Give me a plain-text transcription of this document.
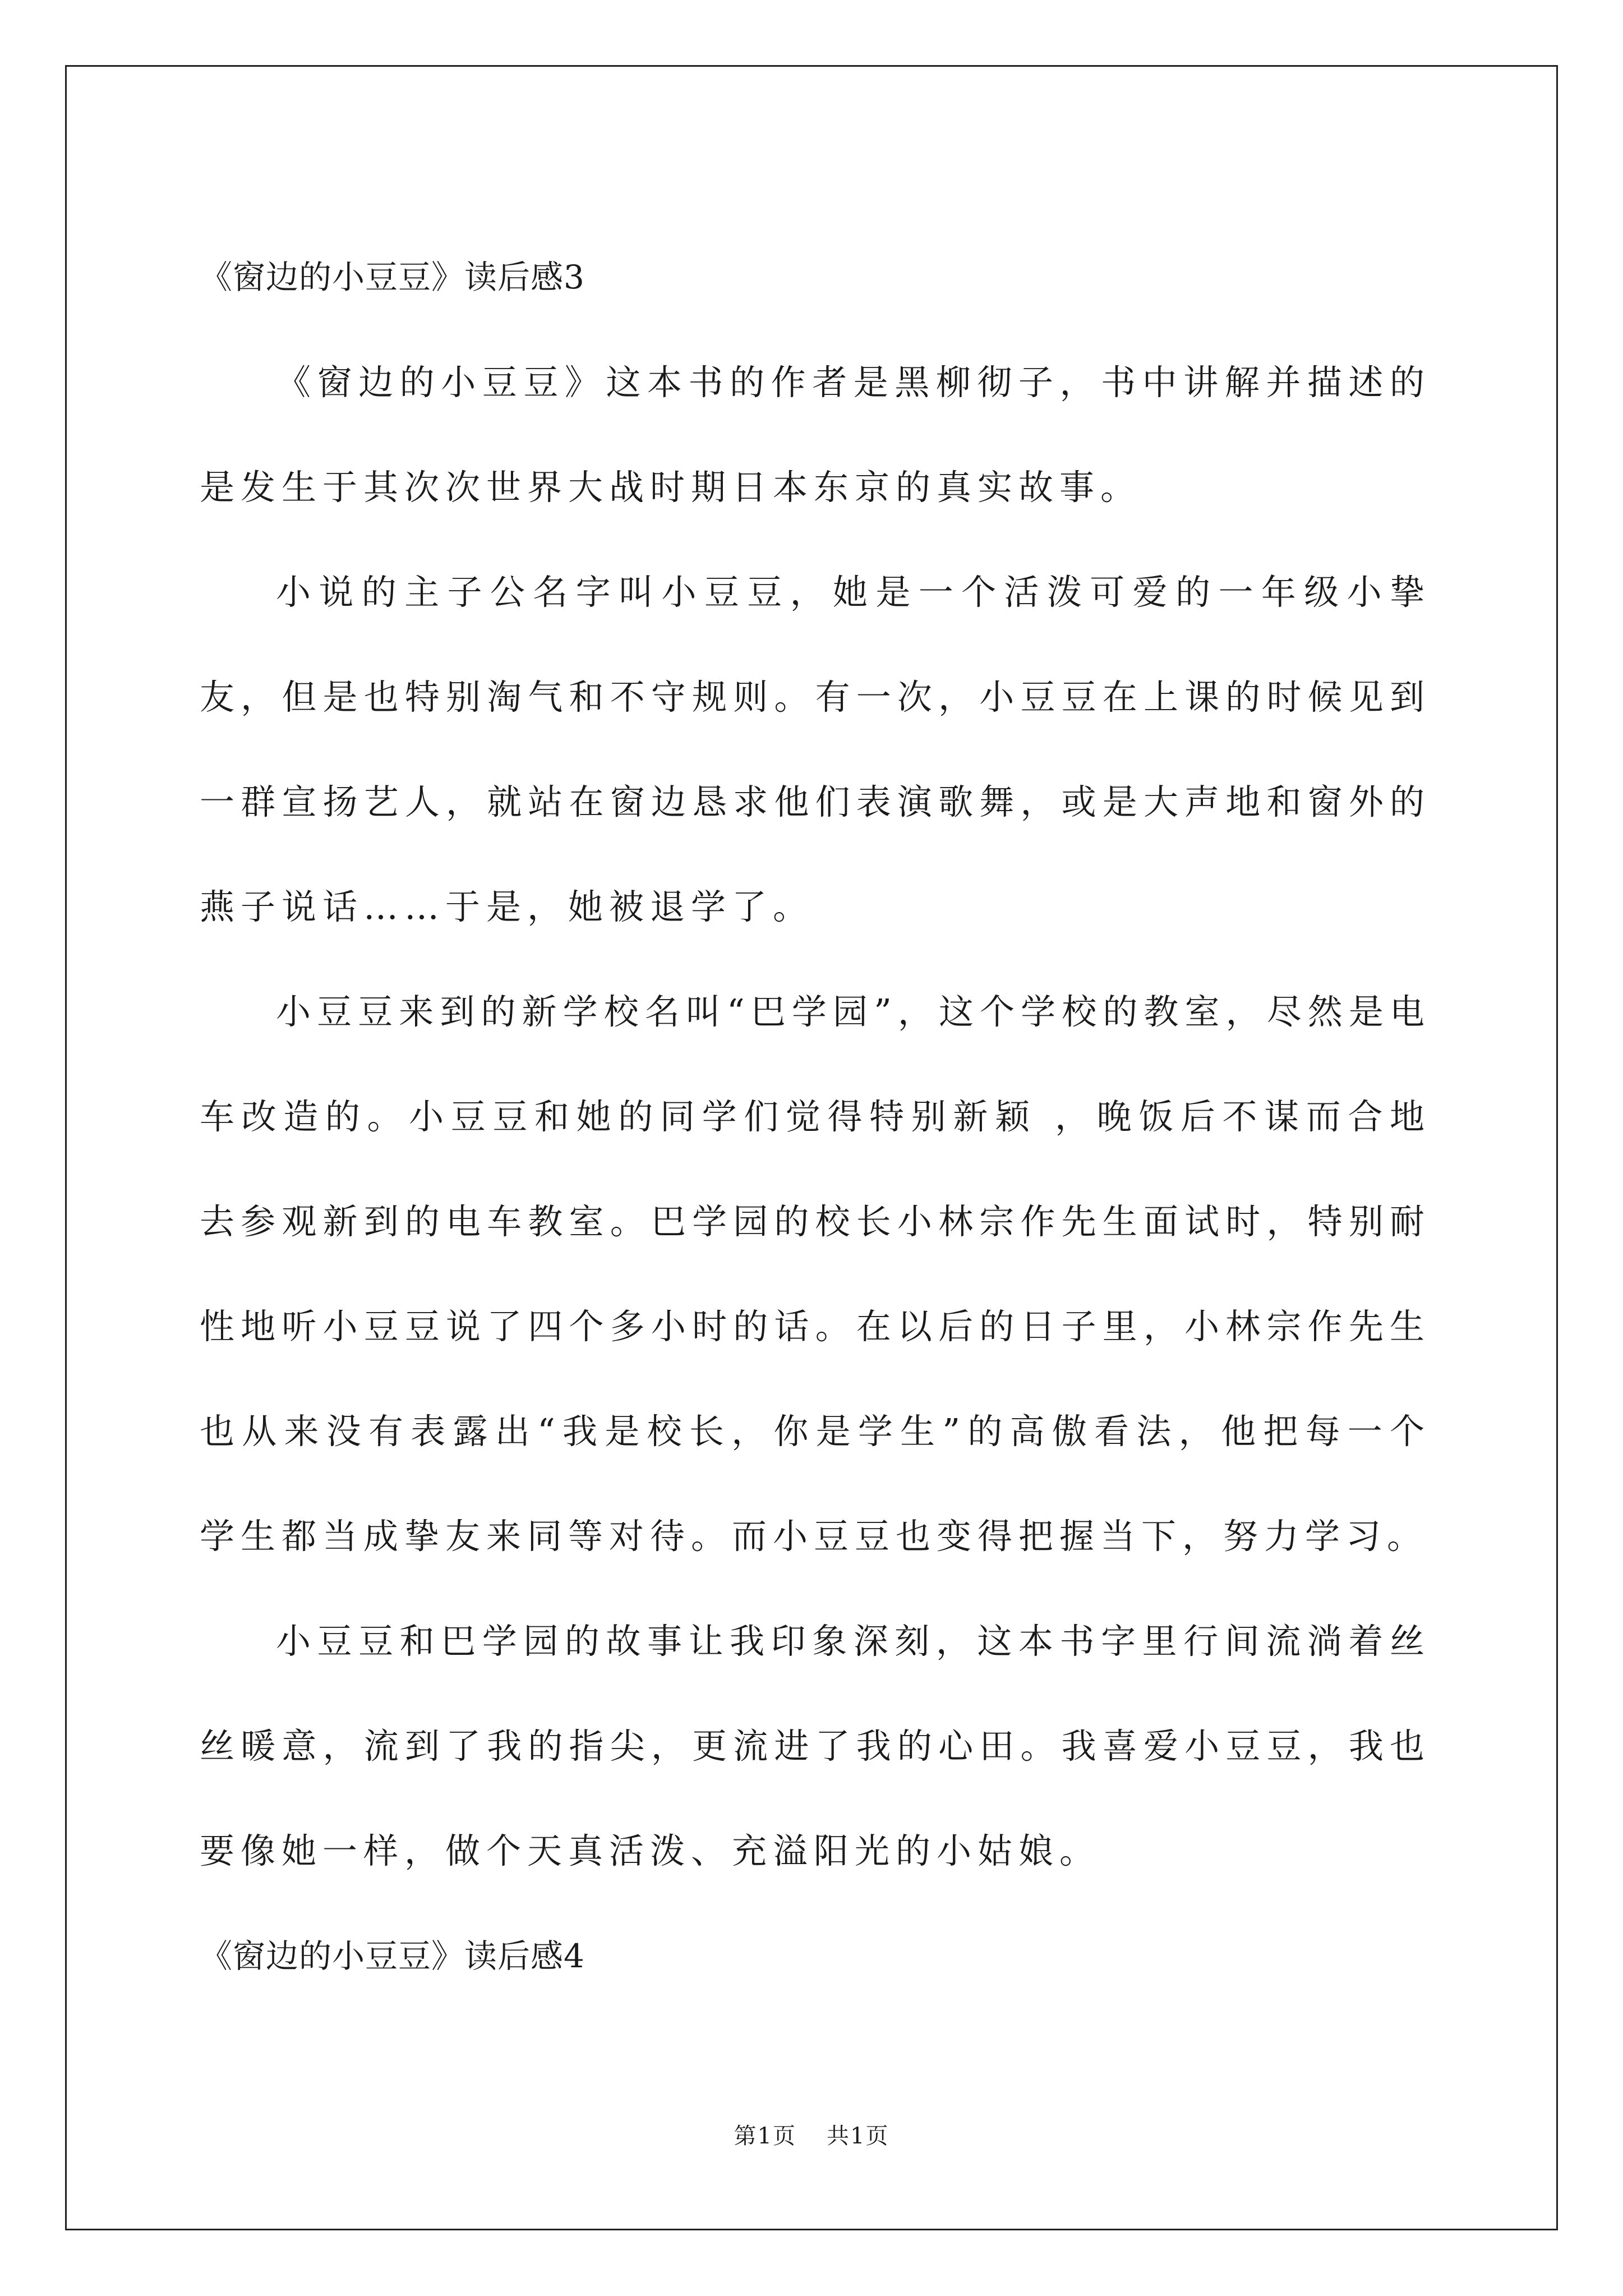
《窗边的小豆豆》读后感3

《窗边的小豆豆》这本书的作者是黑柳彻子，书中讲解并描述的是发生于其次次世界大战时期日本东京的真实故事。

小说的主子公名字叫小豆豆，她是一个活泼可爱的一年级小挚友，但是也特别淘气和不守规则。有一次，小豆豆在上课的时候见到一群宣扬艺人，就站在窗边恳求他们表演歌舞，或是大声地和窗外的燕子说话……于是，她被退学了。

小豆豆来到的新学校名叫“巴学园”，这个学校的教室，尽然是电车改造的。小豆豆和她的同学们觉得特别新颖 ，晚饭后不谋而合地去参观新到的电车教室。巴学园的校长小林宗作先生面试时，特别耐性地听小豆豆说了四个多小时的话。在以后的日子里，小林宗作先生也从来没有表露出“我是校长，你是学生”的高傲看法，他把每一个学生都当成挚友来同等对待。而小豆豆也变得把握当下，努力学习。

小豆豆和巴学园的故事让我印象深刻，这本书字里行间流淌着丝丝暖意，流到了我的指尖，更流进了我的心田。我喜爱小豆豆，我也要像她一样，做个天真活泼、充溢阳光的小姑娘。

《窗边的小豆豆》读后感4
第1页 共1页
